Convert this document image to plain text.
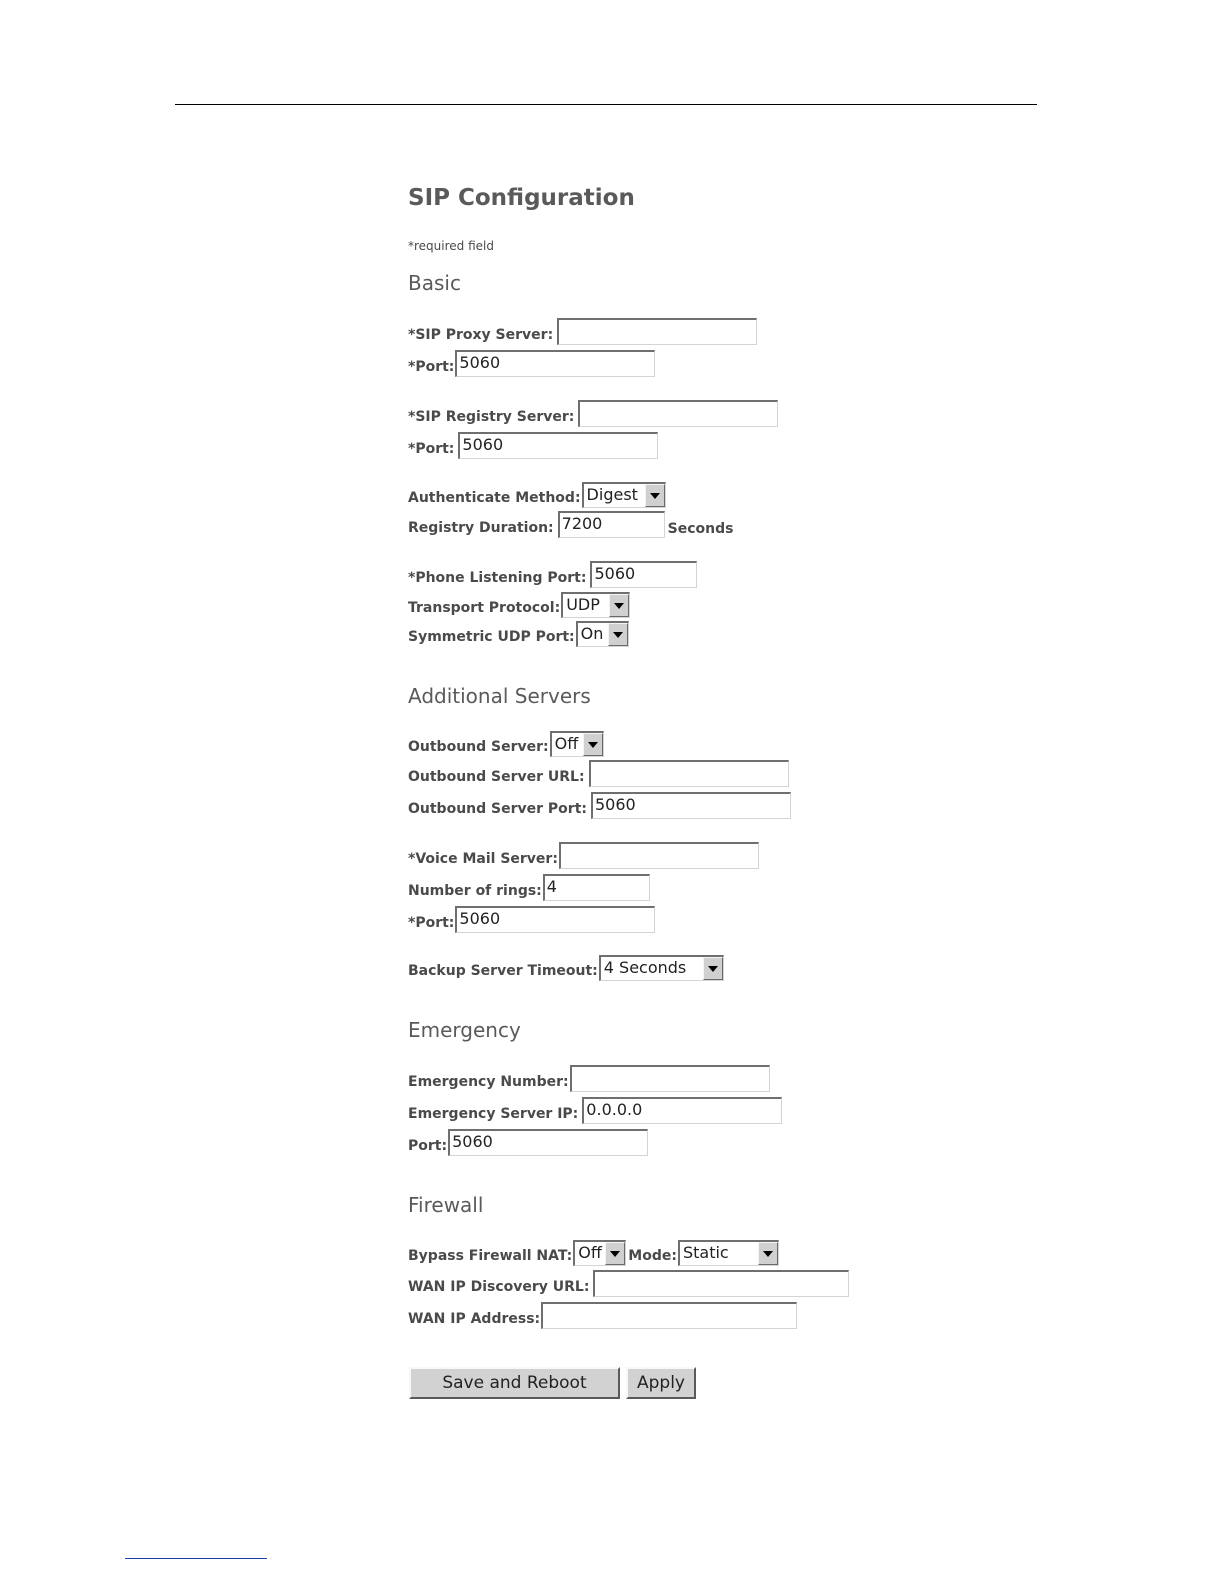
SIP Configuration
*required field
Basic
*SIP Proxy Server:
*Port: 5060
*SIP Registry Server:
*Port: 5060
Authenticate Method: Digest
Registry Duration: 7200	Seconds
*Phone Listening Port: 5060
Transport Protocol: UDP
Symmetric UDP Port: On
Additional Servers
Outbound Server: Off
Outbound Server URL:
Outbound Server Port: 5060
*Voice Mail Server:
Number of rings: 4
*Port: 5060
Backup Server Timeout: 4 Seconds
Emergency
Emergency Number:
Emergency Server IP: 0.0.0.0
Port: 5060
Firewall
Bypass Firewall NAT: Off Mode: Static
WAN IP Discovery URL:
WAN IP Address:
Save and Reboot	Apply
